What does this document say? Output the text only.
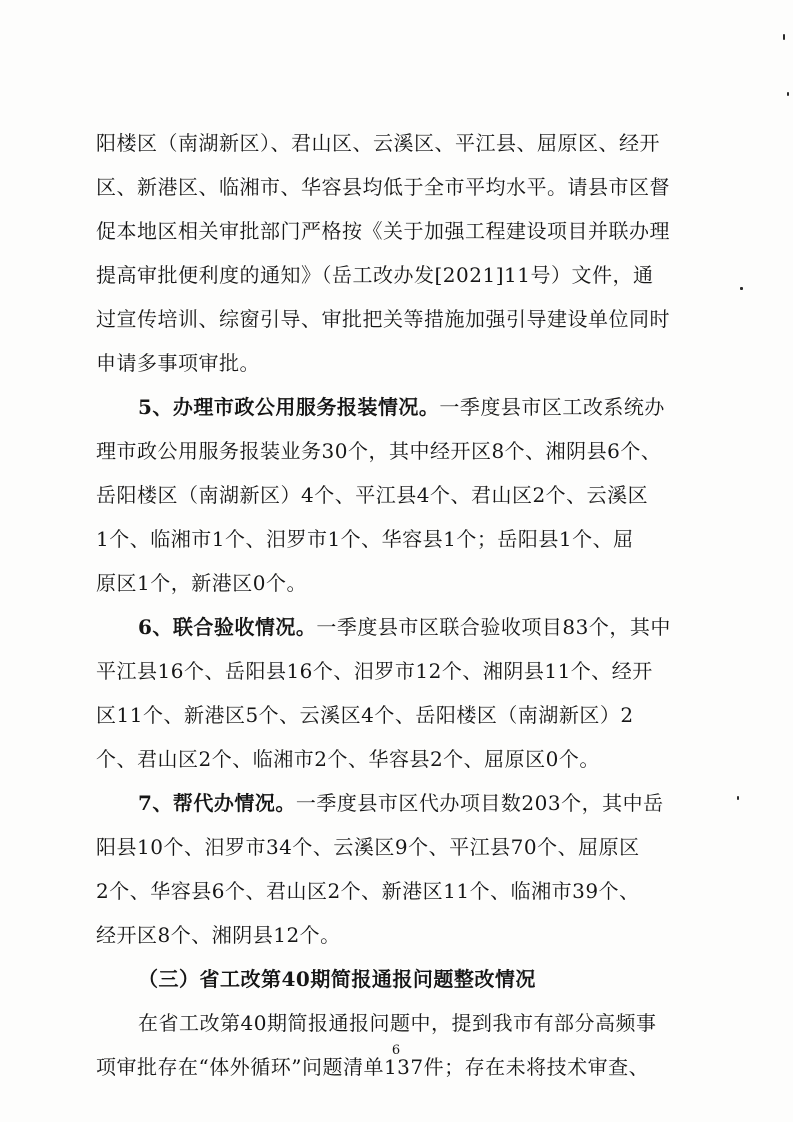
阳楼区（南湖新区）、君山区、云溪区、平江县、屈原区、经开
区、新港区、临湘市、华容县均低于全市平均水平。请县市区督
促本地区相关审批部门严格按《关于加强工程建设项目并联办理
提高审批便利度的通知》（岳工改办发[2021]11号）文件，通
过宣传培训、综窗引导、审批把关等措施加强引导建设单位同时
申请多事项审批。
5、办理市政公用服务报装情况。一季度县市区工改系统办
理市政公用服务报装业务30个，其中经开区8个、湘阴县6个、
岳阳楼区（南湖新区）4个、平江县4个、君山区2个、云溪区
1个、临湘市1个、汨罗市1个、华容县1个；岳阳县1个、屈
原区1个，新港区0个。
6、联合验收情况。一季度县市区联合验收项目83个，其中
平江县16个、岳阳县16个、汨罗市12个、湘阴县11个、经开
区11个、新港区5个、云溪区4个、岳阳楼区（南湖新区）2
个、君山区2个、临湘市2个、华容县2个、屈原区0个。
7、帮代办情况。一季度县市区代办项目数203个，其中岳
阳县10个、汨罗市34个、云溪区9个、平江县70个、屈原区
2个、华容县6个、君山区2个、新港区11个、临湘市39个、
经开区8个、湘阴县12个。
（三）省工改第40期简报通报问题整改情况
在省工改第40期简报通报问题中，提到我市有部分高频事
项审批存在“体外循环”问题清单137件；存在未将技术审查、
6
